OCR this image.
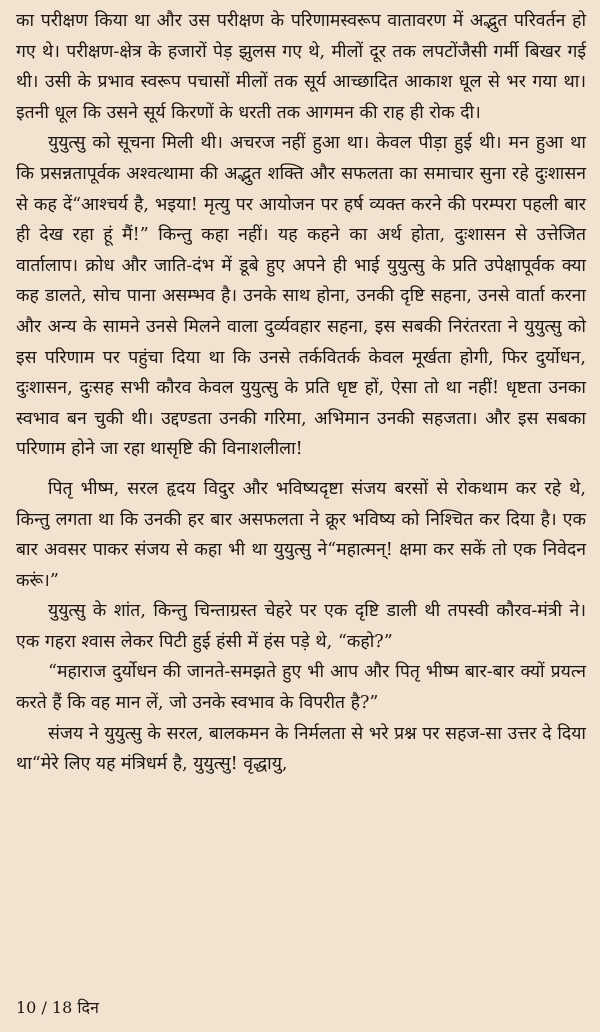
का परीक्षण किया था और उस परीक्षण के परिणामस्वरूप वातावरण में अद्भुत परिवर्तन हो गए थे। परीक्षण-क्षेत्र के हजारों पेड़ झुलस गए थे, मीलों दूर तक लपटोंजैसी गर्मी बिखर गई थी। उसी के प्रभाव स्वरूप पचासों मीलों तक सूर्य आच्छादित आकाश धूल से भर गया था। इतनी धूल कि उसने सूर्य किरणों के धरती तक आगमन की राह ही रोक दी।

युयुत्सु को सूचना मिली थी। अचरज नहीं हुआ था। केवल पीड़ा हुई थी। मन हुआ था कि प्रसन्नतापूर्वक अश्वत्थामा की अद्भुत शक्ति और सफलता का समाचार सुना रहे दुःशासन से कह दें“आश्चर्य है, भइया! मृत्यु पर आयोजन पर हर्ष व्यक्त करने की परम्परा पहली बार ही देख रहा हूं मैं!” किन्तु कहा नहीं। यह कहने का अर्थ होता, दुःशासन से उत्तेजित वार्तालाप। क्रोध और जाति-दंभ में डूबे हुए अपने ही भाई युयुत्सु के प्रति उपेक्षापूर्वक क्या कह डालते, सोच पाना असम्भव है। उनके साथ होना, उनकी दृष्टि सहना, उनसे वार्ता करना और अन्य के सामने उनसे मिलने वाला दुर्व्यवहार सहना, इस सबकी निरंतरता ने युयुत्सु को इस परिणाम पर पहुंचा दिया था कि उनसे तर्कवितर्क केवल मूर्खता होगी, फिर दुर्योधन, दुःशासन, दुःसह सभी कौरव केवल युयुत्सु के प्रति धृष्ट हों, ऐसा तो था नहीं! धृष्टता उनका स्वभाव बन चुकी थी। उद्दण्डता उनकी गरिमा, अभिमान उनकी सहजता। और इस सबका परिणाम होने जा रहा थासृष्टि की विनाशलीला!

पितृ भीष्म, सरल हृदय विदुर और भविष्यदृष्टा संजय बरसों से रोकथाम कर रहे थे, किन्तु लगता था कि उनकी हर बार असफलता ने क्रूर भविष्य को निश्चित कर दिया है। एक बार अवसर पाकर संजय से कहा भी था युयुत्सु ने“महात्मन्! क्षमा कर सकें तो एक निवेदन करूं।”

युयुत्सु के शांत, किन्तु चिन्ताग्रस्त चेहरे पर एक दृष्टि डाली थी तपस्वी कौरव-मंत्री ने। एक गहरा श्वास लेकर पिटी हुई हंसी में हंस पड़े थे, “कहो?”

“महाराज दुर्योधन की जानते-समझते हुए भी आप और पितृ भीष्म बार-बार क्यों प्रयत्न करते हैं कि वह मान लें, जो उनके स्वभाव के विपरीत है?”

संजय ने युयुत्सु के सरल, बालकमन के निर्मलता से भरे प्रश्न पर सहज-सा उत्तर दे दिया था“मेरे लिए यह मंत्रिधर्म है, युयुत्सु! वृद्धायु,

10 / 18 दिन
